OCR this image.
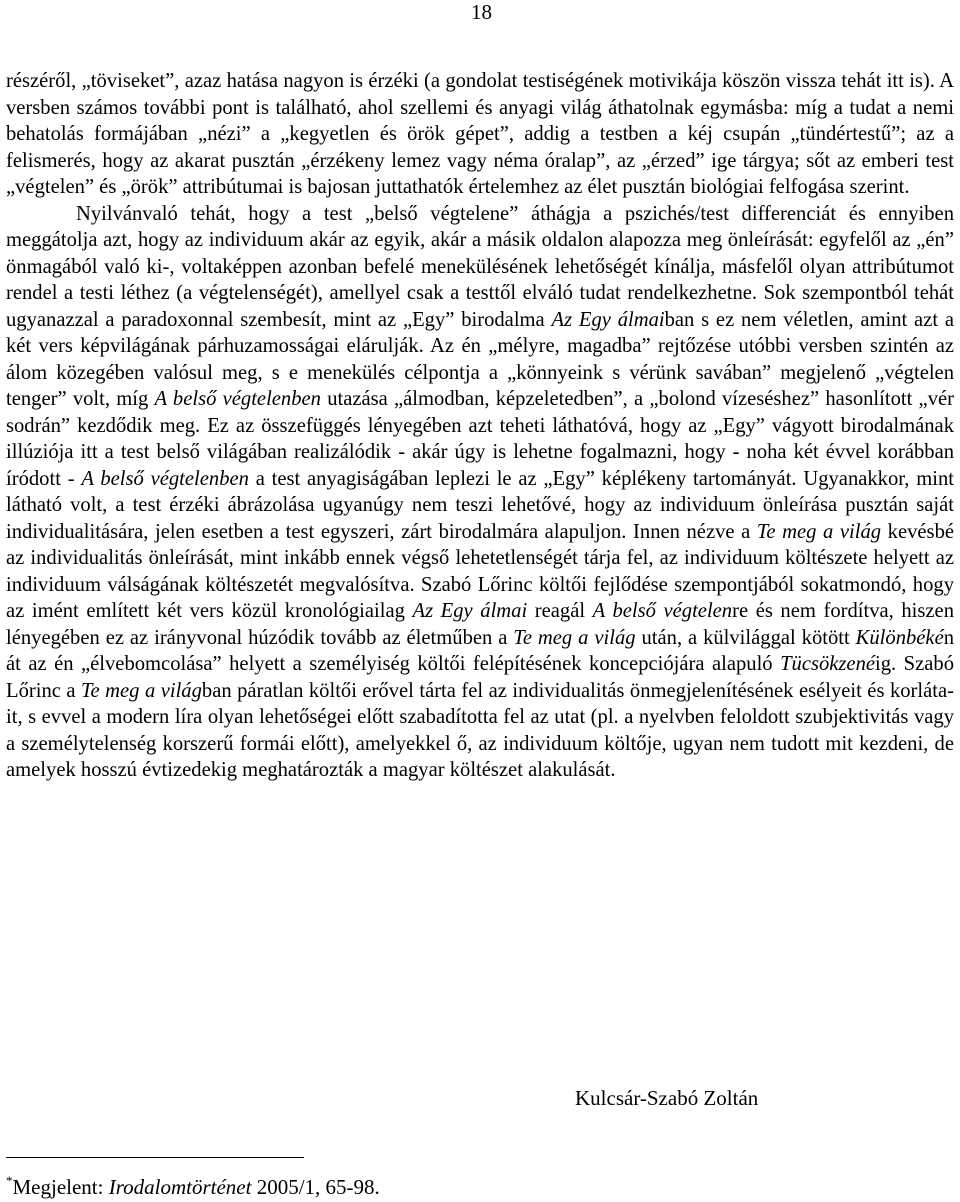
18

részéről, „töviseket”, azaz hatása nagyon is érzéki (a gondolat testiségének motivikája köszön vissza tehát itt is). A versben számos további pont is található, ahol szellemi és anyagi világ áthatolnak egymásba: míg a tudat a nemi behatolás formájában „nézi” a „kegyetlen és örök gépet”, addig a testben a kéj csupán „tündértestű”; az a felismerés, hogy az akarat pusztán „érzékeny lemez vagy néma óralap”, az „érzed” ige tárgya; sőt az emberi test „végtelen” és „örök” attribútumai is bajosan juttathatók értelemhez az élet pusztán biológiai felfogása szerint.

Nyilvánvaló tehát, hogy a test „belső végtelene” áthágja a pszichés/test differenciát és ennyiben meggátolja azt, hogy az individuum akár az egyik, akár a másik oldalon alapozza meg önleírását: egyfelől az „én” önmagából való ki-, voltaképpen azonban befelé menekülésének lehetőségét kínálja, másfelől olyan attribútumot rendel a testi léthez (a végtelenségét), amellyel csak a testtől elváló tudat rendelkezhetne. Sok szempontból tehát ugyanazzal a paradoxonnal szembesít, mint az „Egy” birodalma Az Egy álmaiban s ez nem véletlen, amint azt a két vers képvilágának párhuzamosságai elárulják. Az én „mélyre, magadba” rejtőzése utóbbi versben szintén az álom közegében valósul meg, s e menekülés célpontja a „könnyeink s vérünk savában” megjelenő „végtelen tenger” volt, míg A belső végtelenben utazása „álmodban, képzeletedben”, a „bolond vízeséshez” hasonlított „vér sodrán” kezdődik meg. Ez az összefüggés lényegében azt teheti láthatóvá, hogy az „Egy” vágyott birodalmának illúziója itt a test belső világában realizálódik - akár úgy is lehetne fogalmazni, hogy - noha két évvel korábban íródott - A belső végtelenben a test anyagiságában leplezi le az „Egy” képlékeny tartományát. Ugyanakkor, mint látható volt, a test érzéki ábrázolása ugyanúgy nem teszi lehetővé, hogy az individuum önleírása pusztán saját individualitására, jelen esetben a test egyszeri, zárt birodalmára alapuljon. Innen nézve a Te meg a világ kevésbé az individualitás önleírását, mint inkább ennek végső lehetetlenségét tárja fel, az individuum költészete helyett az individuum válságának költészetét megvalósítva. Szabó Lőrinc költői fejlődése szempontjából sokatmondó, hogy az imént említett két vers közül kronológiailag Az Egy álmai reagál A belső végtelenre és nem fordítva, hiszen lényegében ez az irányvonal húzódik tovább az életműben a Te meg a világ után, a külvilággal kötött Különbékén át az én „élvebomcolása” helyett a személyiség költői felépítésének koncepciójára alapuló Tücsökzenéig. Szabó Lőrinc a Te meg a világban páratlan költői erővel tárta fel az individualitás önmegjelenítésének esélyeit és korlátаit, s evvel a modern líra olyan lehetőségei előtt szabadította fel az utat (pl. a nyelvben feloldott szubjektivitás vagy a személytelenség korszerű formái előtt), amelyekkel ő, az individuum költője, ugyan nem tudott mit kezdeni, de amelyek hosszú évtizedekig meghatározták a magyar költészet alakulását.

Kulcsár-Szabó Zoltán
*Megjelent: Irodalomtörténet 2005/1, 65-98.
